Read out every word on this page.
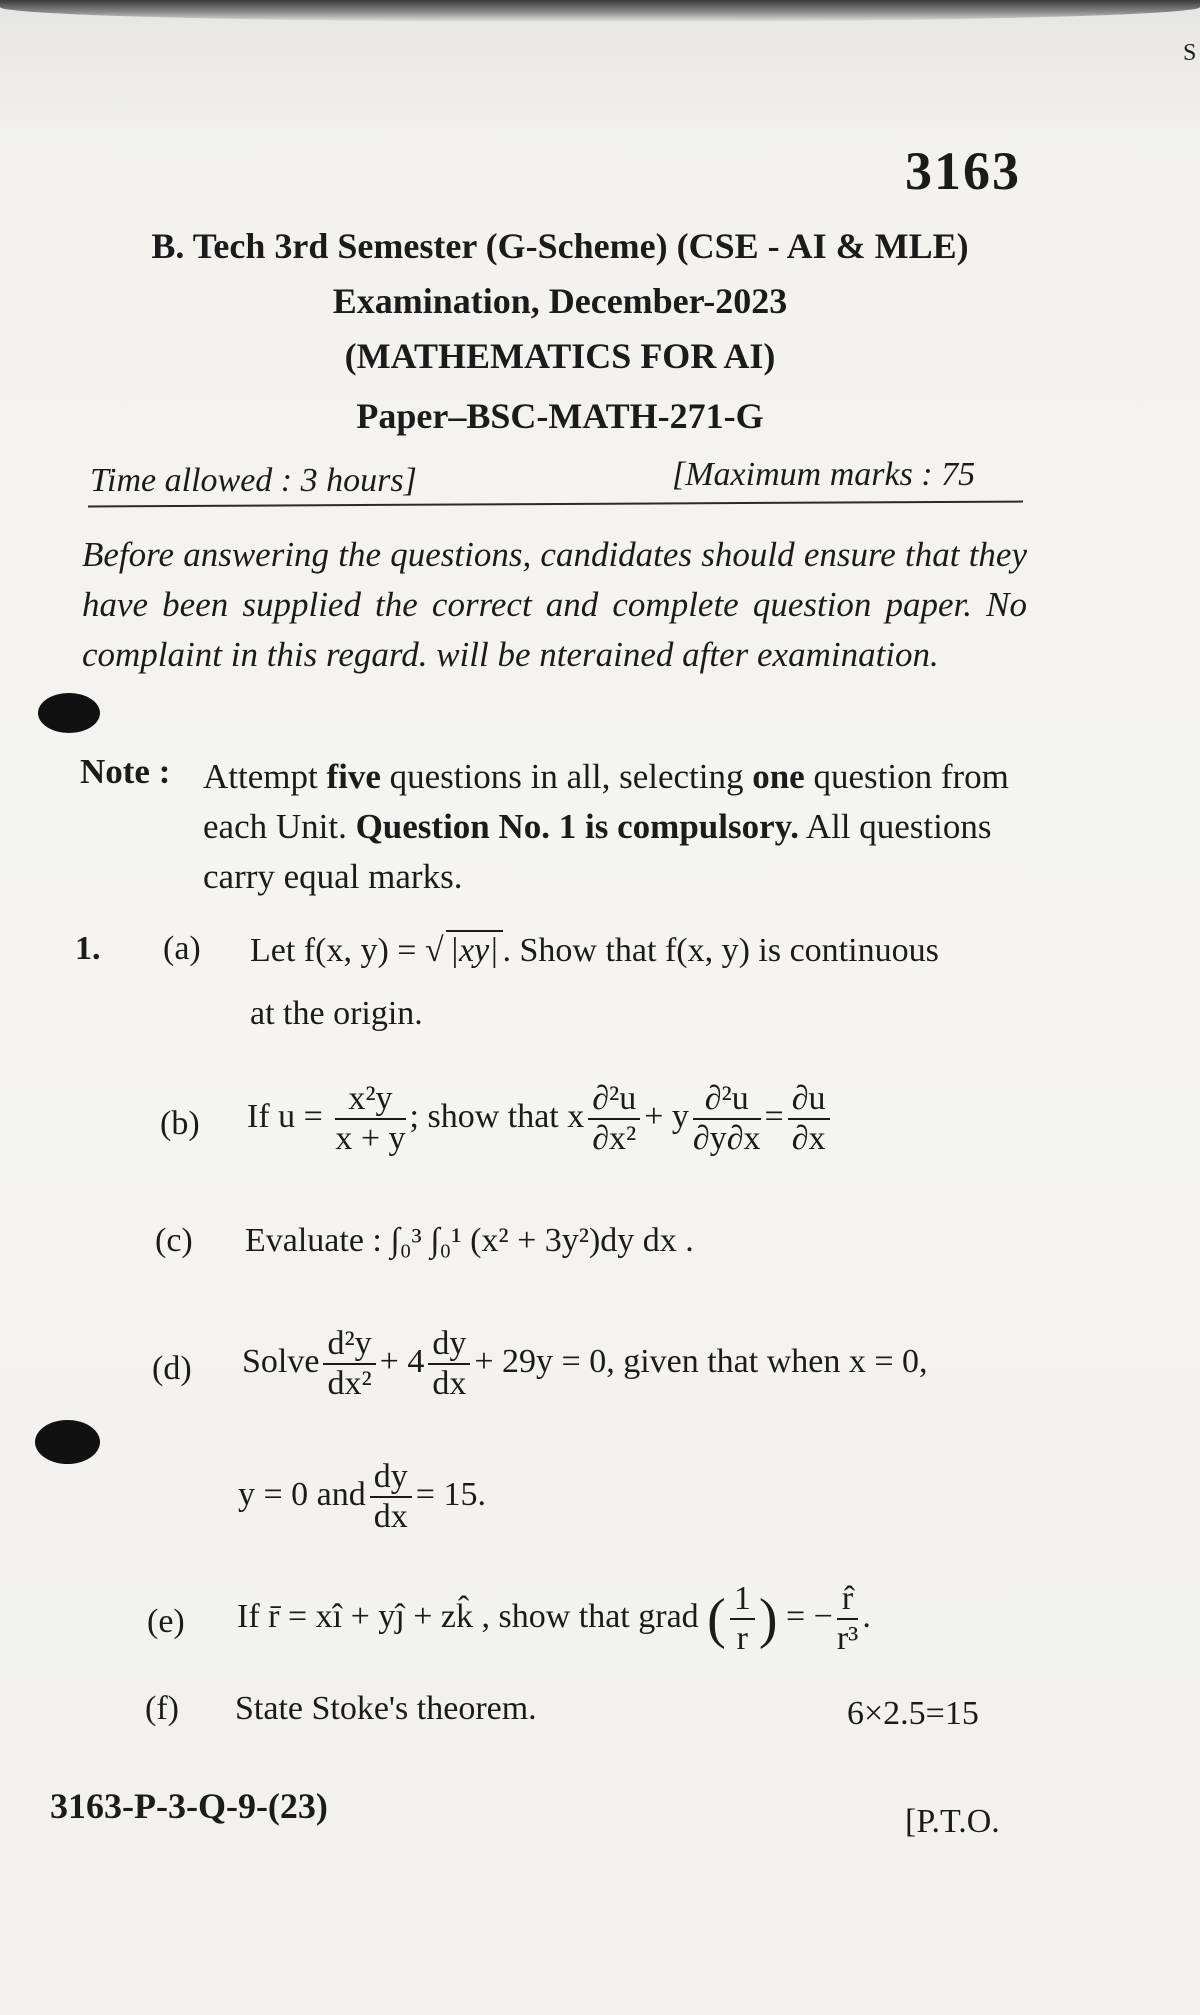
S
3163
B. Tech 3rd Semester (G-Scheme) (CSE - AI & MLE)
Examination, December-2023
(MATHEMATICS FOR AI)
Paper–BSC-MATH-271-G
Time allowed : 3 hours]	[Maximum marks : 75
Before answering the questions, candidates should ensure that they have been supplied the correct and complete question paper. No complaint in this regard. will be nterained after examination.
Note : Attempt five questions in all, selecting one question from each Unit. Question No. 1 is compulsory. All questions carry equal marks.
1. (a) Let f(x, y) = √ |xy| . Show that f(x, y) is continuous
at the origin.
(b) If $u = \frac{\text{x²y}}{x + y}$ ; show that x $\frac{\text{∂²u}}{\text{∂x²}} + y \frac{\text{∂²u}}{\partial y\partial x} = \frac{\partial u}{\partial x}$
(c) Evaluate : ∫₀³ ∫₀¹ (x² + 3y²)dy dx .
(d) Solve $\frac{\text{d²y}}{\text{dx²}} + 4 \frac{dy}{dx} + 29y = 0$, given that when x = 0,
y = 0 and $\frac{dy}{dx} = 15$.
(e) If r̄ = xî + yĵ + zk̂ , show that grad ( $\frac{1}{r}$ ) = − $\frac{r̂}{\text{r³}}$ .
(f) State Stoke's theorem.	6×2.5=15
3163-P-3-Q-9-(23)	[P.T.O.
